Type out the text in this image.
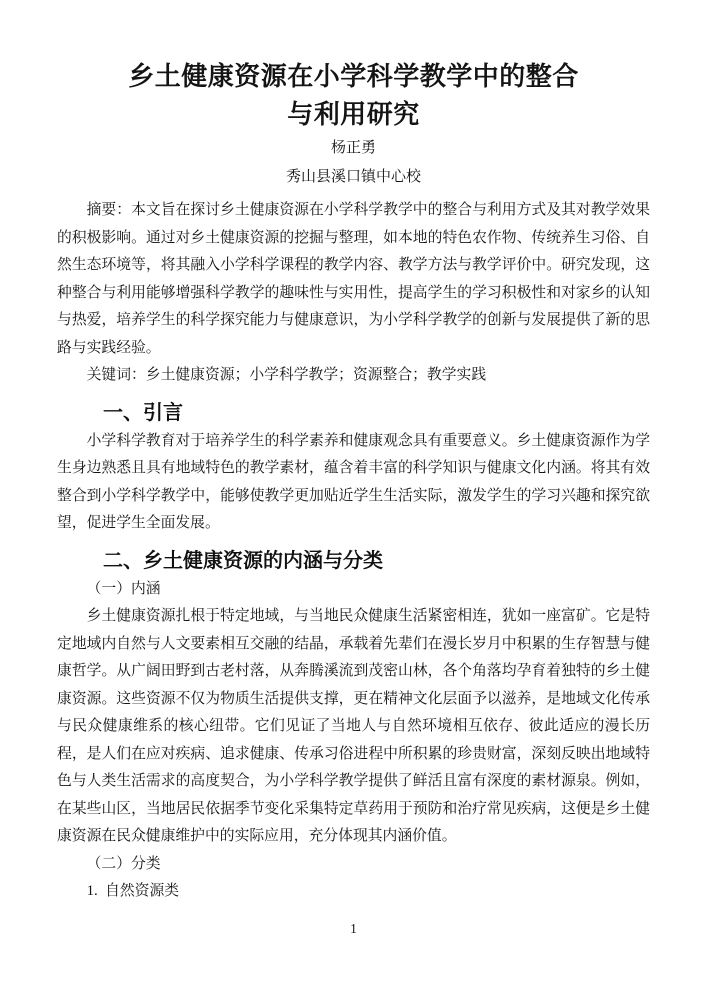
乡土健康资源在小学科学教学中的整合
与利用研究
杨正勇
秀山县溪口镇中心校

摘要：本文旨在探讨乡土健康资源在小学科学教学中的整合与利用方式及其对教学效果的积极影响。通过对乡土健康资源的挖掘与整理，如本地的特色农作物、传统养生习俗、自然生态环境等，将其融入小学科学课程的教学内容、教学方法与教学评价中。研究发现，这种整合与利用能够增强科学教学的趣味性与实用性，提高学生的学习积极性和对家乡的认知与热爱，培养学生的科学探究能力与健康意识，为小学科学教学的创新与发展提供了新的思路与实践经验。

关键词：乡土健康资源；小学科学教学；资源整合；教学实践

一、引言

小学科学教育对于培养学生的科学素养和健康观念具有重要意义。乡土健康资源作为学生身边熟悉且具有地域特色的教学素材，蕴含着丰富的科学知识与健康文化内涵。将其有效整合到小学科学教学中，能够使教学更加贴近学生生活实际，激发学生的学习兴趣和探究欲望，促进学生全面发展。

二、乡土健康资源的内涵与分类

（一）内涵

乡土健康资源扎根于特定地域，与当地民众健康生活紧密相连，犹如一座富矿。它是特定地域内自然与人文要素相互交融的结晶，承载着先辈们在漫长岁月中积累的生存智慧与健康哲学。从广阔田野到古老村落，从奔腾溪流到茂密山林，各个角落均孕育着独特的乡土健康资源。这些资源不仅为物质生活提供支撑，更在精神文化层面予以滋养，是地域文化传承与民众健康维系的核心纽带。它们见证了当地人与自然环境相互依存、彼此适应的漫长历程，是人们在应对疾病、追求健康、传承习俗进程中所积累的珍贵财富，深刻反映出地域特色与人类生活需求的高度契合，为小学科学教学提供了鲜活且富有深度的素材源泉。例如，在某些山区，当地居民依据季节变化采集特定草药用于预防和治疗常见疾病，这便是乡土健康资源在民众健康维护中的实际应用，充分体现其内涵价值。

（二）分类

1.  自然资源类

1
